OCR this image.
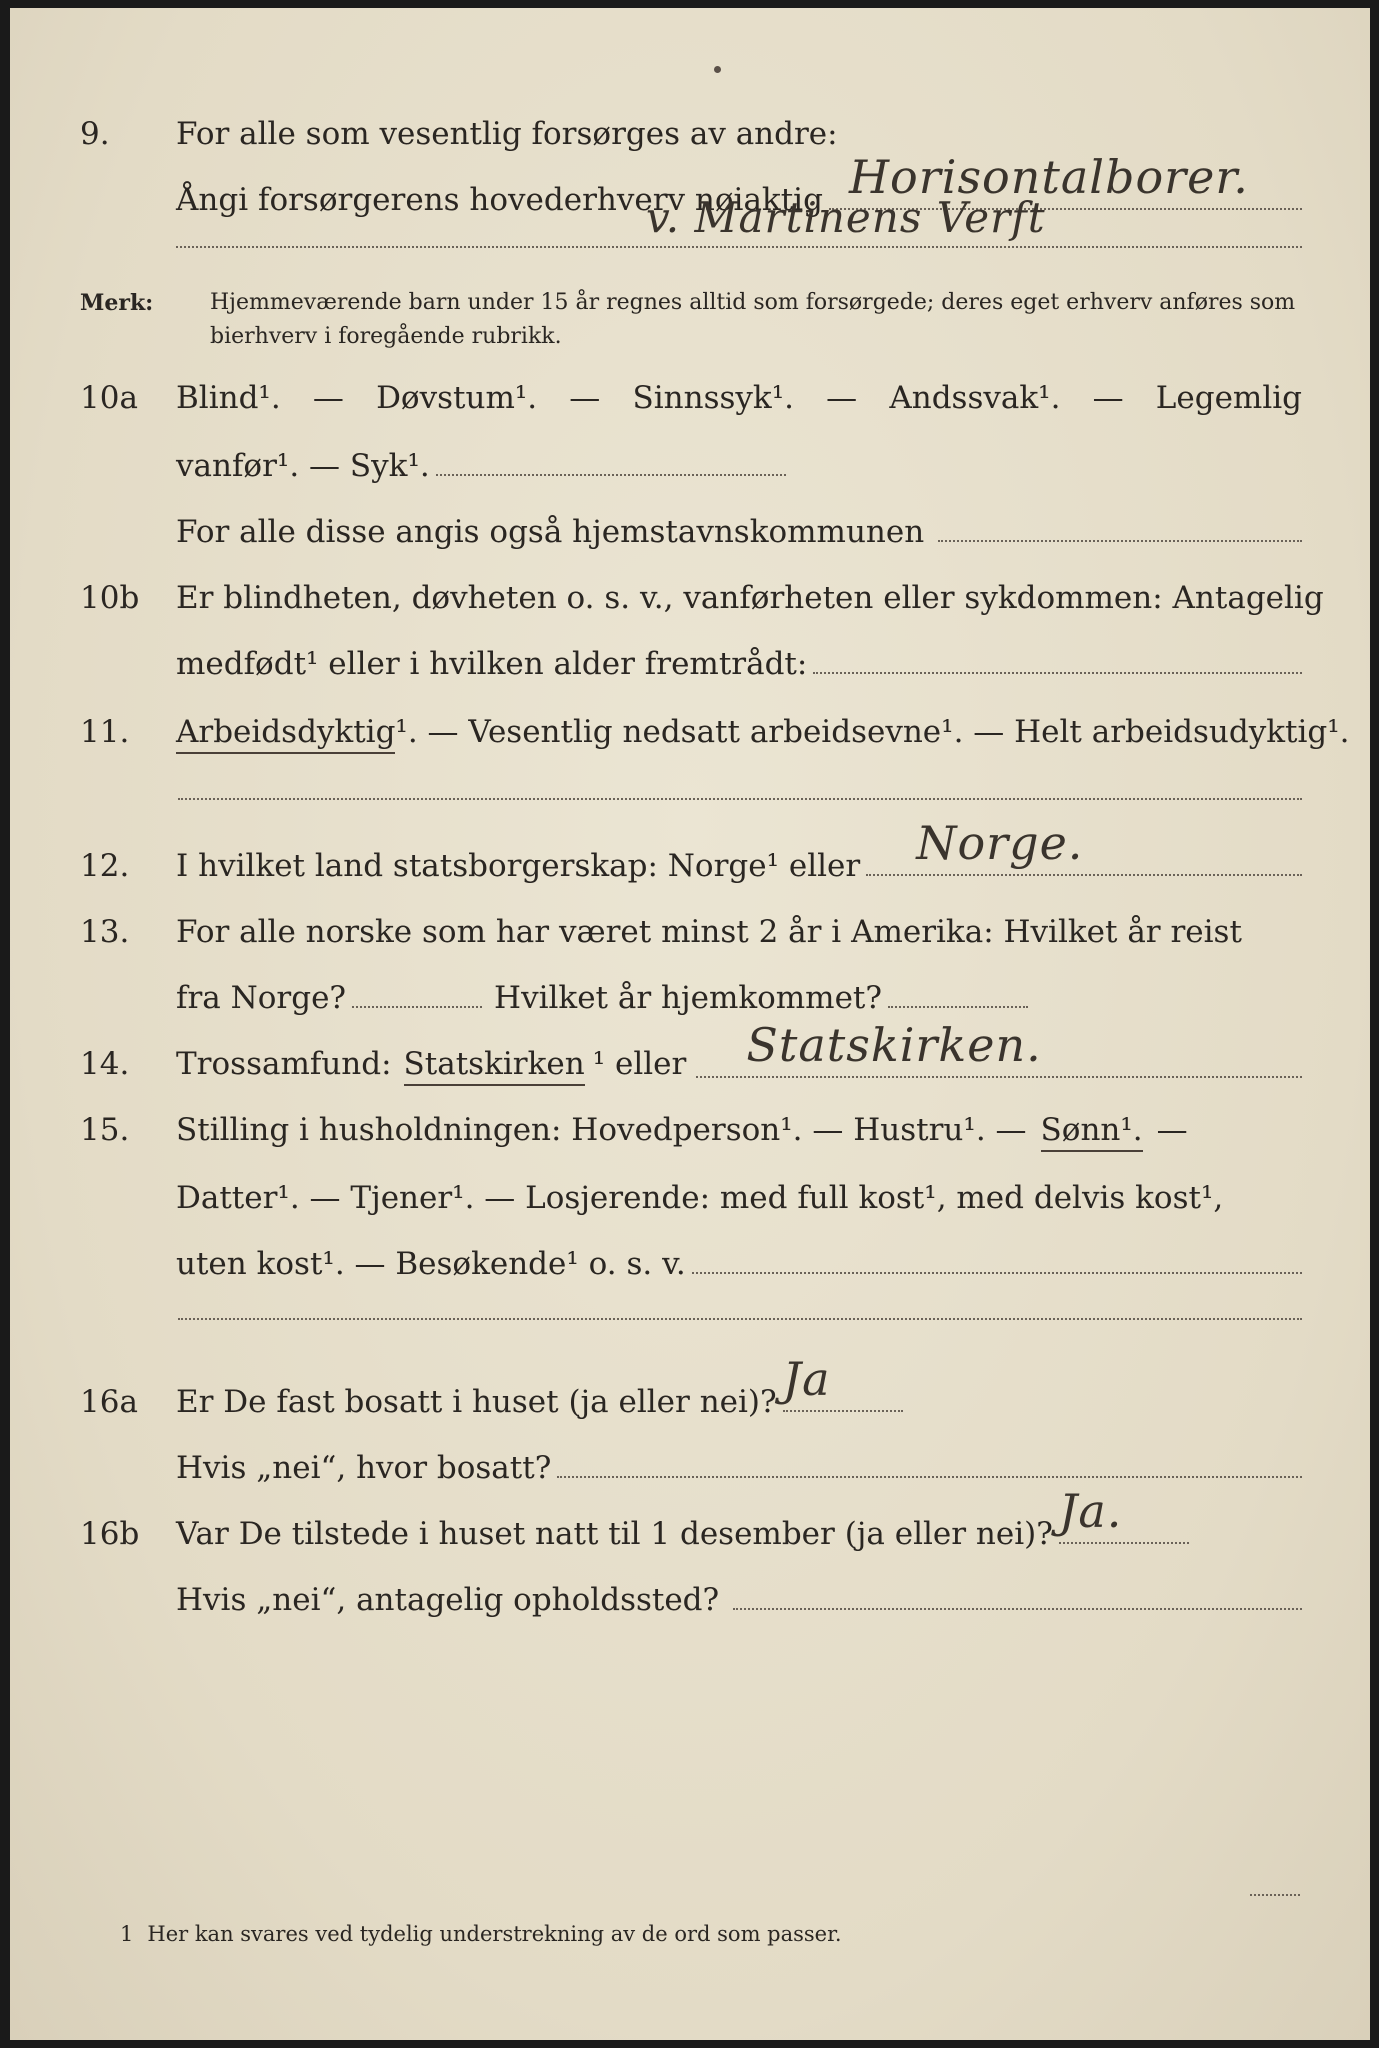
9.	For alle som vesentlig forsørges av andre:
Ångi forsørgerens hovederhverv nøiaktig Horisontalborer.
v. Martinens Verft
Merk:	Hjemmeværende barn under 15 år regnes alltid som forsørgede; deres eget erhverv anføres som bierhverv i foregående rubrikk.
10a	Blind¹. — Døvstum¹. — Sinnssyk¹. — Andssvak¹. — Legemlig
vanfør¹. — Syk¹.
For alle disse angis også hjemstavnskommunen
10b	Er blindheten, døvheten o. s. v., vanførheten eller sykdommen: Antagelig
medfødt¹ eller i hvilken alder fremtrådt:
11.	Arbeidsdyktig ¹. — Vesentlig nedsatt arbeidsevne¹. — Helt arbeidsudyktig¹.
12.	I hvilket land statsborgerskap: Norge¹ eller Norge.
13.	For alle norske som har været minst 2 år i Amerika: Hvilket år reist
fra Norge?	Hvilket år hjemkommet?
14.	Trossamfund: Statskirken ¹ eller Statskirken.
15.	Stilling i husholdningen: Hovedperson¹. — Hustru¹. — Sønn¹. —
Datter¹. — Tjener¹. — Losjerende: med full kost¹, med delvis kost¹,
uten kost¹. — Besøkende¹ o. s. v.
16a	Er De fast bosatt i huset (ja eller nei)? Ja
Hvis „nei“, hvor bosatt?
16b	Var De tilstede i huset natt til 1 desember (ja eller nei)? Ja.
Hvis „nei“, antagelig opholdssted?
1 Her kan svares ved tydelig understrekning av de ord som passer.
